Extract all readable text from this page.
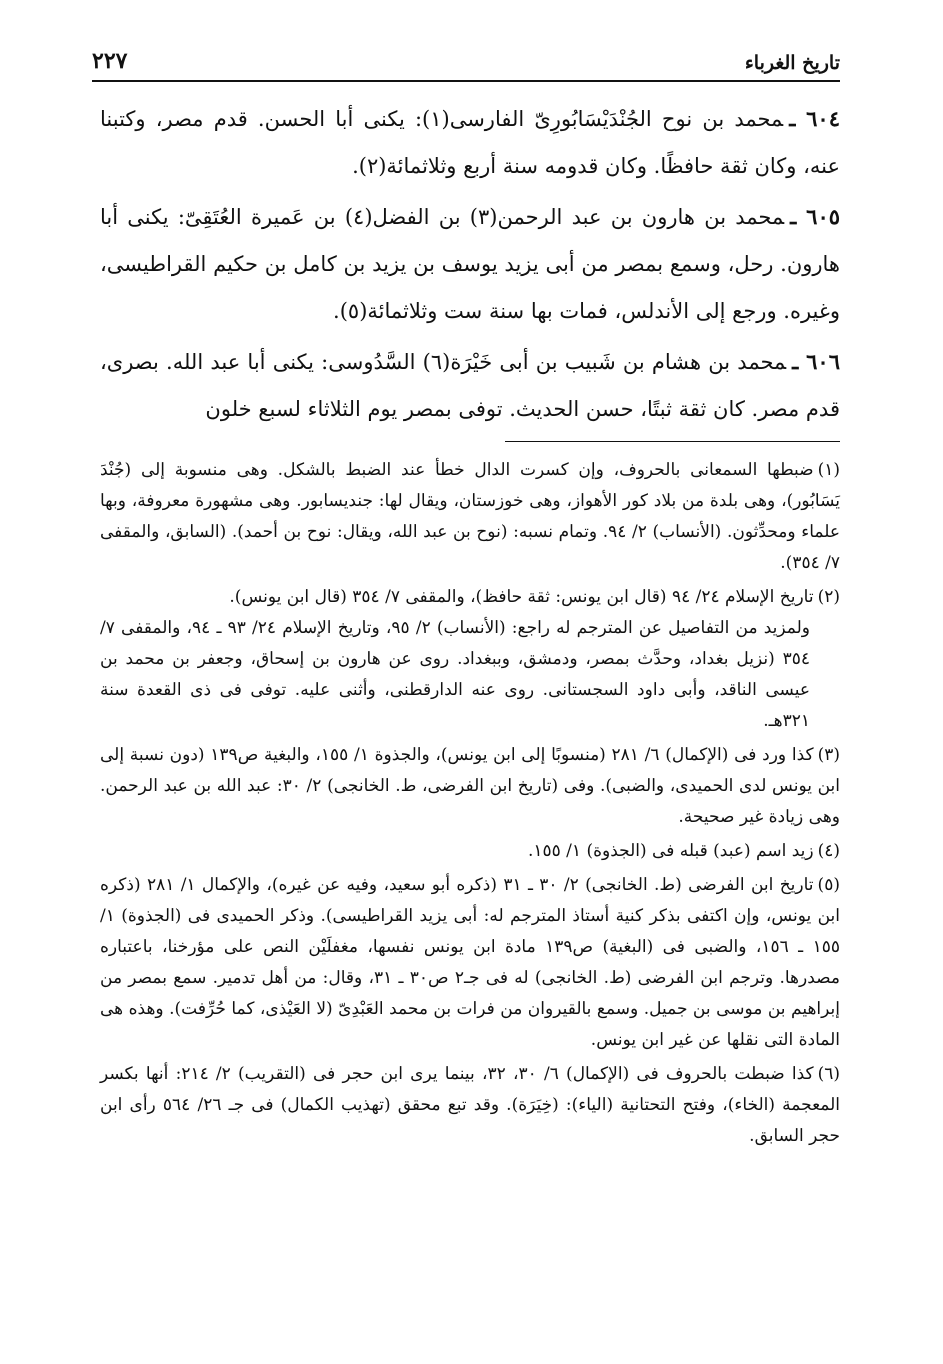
تاريخ الغرباء
٢٢٧

٦٠٤ ـمحمد بن نوح الجُنْدَيْسَابُورِىّ الفارسى(١): يكنى أبا الحسن. قدم مصر، وكتبنا عنه، وكان ثقة حافظًا. وكان قدومه سنة أربع وثلاثمائة(٢).

٦٠٥ ـمحمد بن هارون بن عبد الرحمن(٣) بن الفضل(٤) بن عَميرة العُتَقِىّ: يكنى أبا هارون. رحل، وسمع بمصر من أبى يزيد يوسف بن يزيد بن كامل بن حكيم القراطيسى، وغيره. ورجع إلى الأندلس، فمات بها سنة ست وثلاثمائة(٥).

٦٠٦ ـمحمد بن هشام بن شَبيب بن أبى خَيْرَة(٦) السَّدُوسى: يكنى أبا عبد الله. بصرى، قدم مصر. كان ثقة ثبتًا، حسن الحديث. توفى بمصر يوم الثلاثاء لسبع خلون

(١)ضبطها السمعانى بالحروف، وإن كسرت الدال خطأ عند الضبط بالشكل. وهى منسوبة إلى (جُنْدَ يَسَابُور)، وهى بلدة من بلاد كور الأهواز، وهى خوزستان، ويقال لها: جنديسابور. وهى مشهورة معروفة، وبها علماء ومحدِّثون. (الأنساب) ٢/ ٩٤. وتمام نسبه: (نوح بن عبد الله، ويقال: نوح بن أحمد). (السابق، والمقفى ٧/ ٣٥٤).
(٢)تاريخ الإسلام ٢٤/ ٩٤ (قال ابن يونس: ثقة حافظ)، والمقفى ٧/ ٣٥٤ (قال ابن يونس).

ولمزيد من التفاصيل عن المترجم له راجع: (الأنساب) ٢/ ٩٥، وتاريخ الإسلام ٢٤/ ٩٣ ـ ٩٤، والمقفى ٧/ ٣٥٤ (نزيل بغداد، وحدَّث بمصر، ودمشق، وببغداد. روى عن هارون بن إسحاق، وجعفر بن محمد بن عيسى الناقد، وأبى داود السجستانى. روى عنه الدارقطنى، وأثنى عليه. توفى فى ذى القعدة سنة ٣٢١هـ.

(٣)كذا ورد فى (الإكمال) ٦/ ٢٨١ (منسوبًا إلى ابن يونس)، والجذوة ١/ ١٥٥، والبغية ص١٣٩ (دون نسبة إلى ابن يونس لدى الحميدى، والضبى). وفى (تاريخ ابن الفرضى، ط. الخانجى) ٢/ ٣٠: عبد الله بن عبد الرحمن. وهى زيادة غير صحيحة.
(٤)زيد اسم (عبد) قبله فى (الجذوة) ١/ ١٥٥.
(٥)تاريخ ابن الفرضى (ط. الخانجى) ٢/ ٣٠ ـ ٣١ (ذكره أبو سعيد، وفيه عن غيره)، والإكمال ١/ ٢٨١ (ذكره ابن يونس، وإن اكتفى بذكر كنية أستاذ المترجم له: أبى يزيد القراطيسى). وذكر الحميدى فى (الجذوة) ١/ ١٥٥ ـ ١٥٦، والضبى فى (البغية) ص١٣٩ مادة ابن يونس نفسها، مغفلَيْن النص على مؤرخنا، باعتباره مصدرها. وترجم ابن الفرضى (ط. الخانجى) له فى جـ٢ ص٣٠ ـ ٣١، وقال: من أهل تدمير. سمع بمصر من إبراهيم بن موسى بن جميل. وسمع بالقيروان من فرات بن محمد العَبْدِىّ (لا العَيْذى، كما حُرِّفت). وهذه هى المادة التى نقلها عن غير ابن يونس.
(٦)كذا ضبطت بالحروف فى (الإكمال) ٦/ ٣٠، ٣٢، بينما يرى ابن حجر فى (التقريب) ٢/ ٢١٤: أنها بكسر المعجمة (الخاء)، وفتح التحتانية (الياء): (خِيَرَة). وقد تبع محقق (تهذيب الكمال) فى جـ ٢٦/ ٥٦٤ رأى ابن حجر السابق.
